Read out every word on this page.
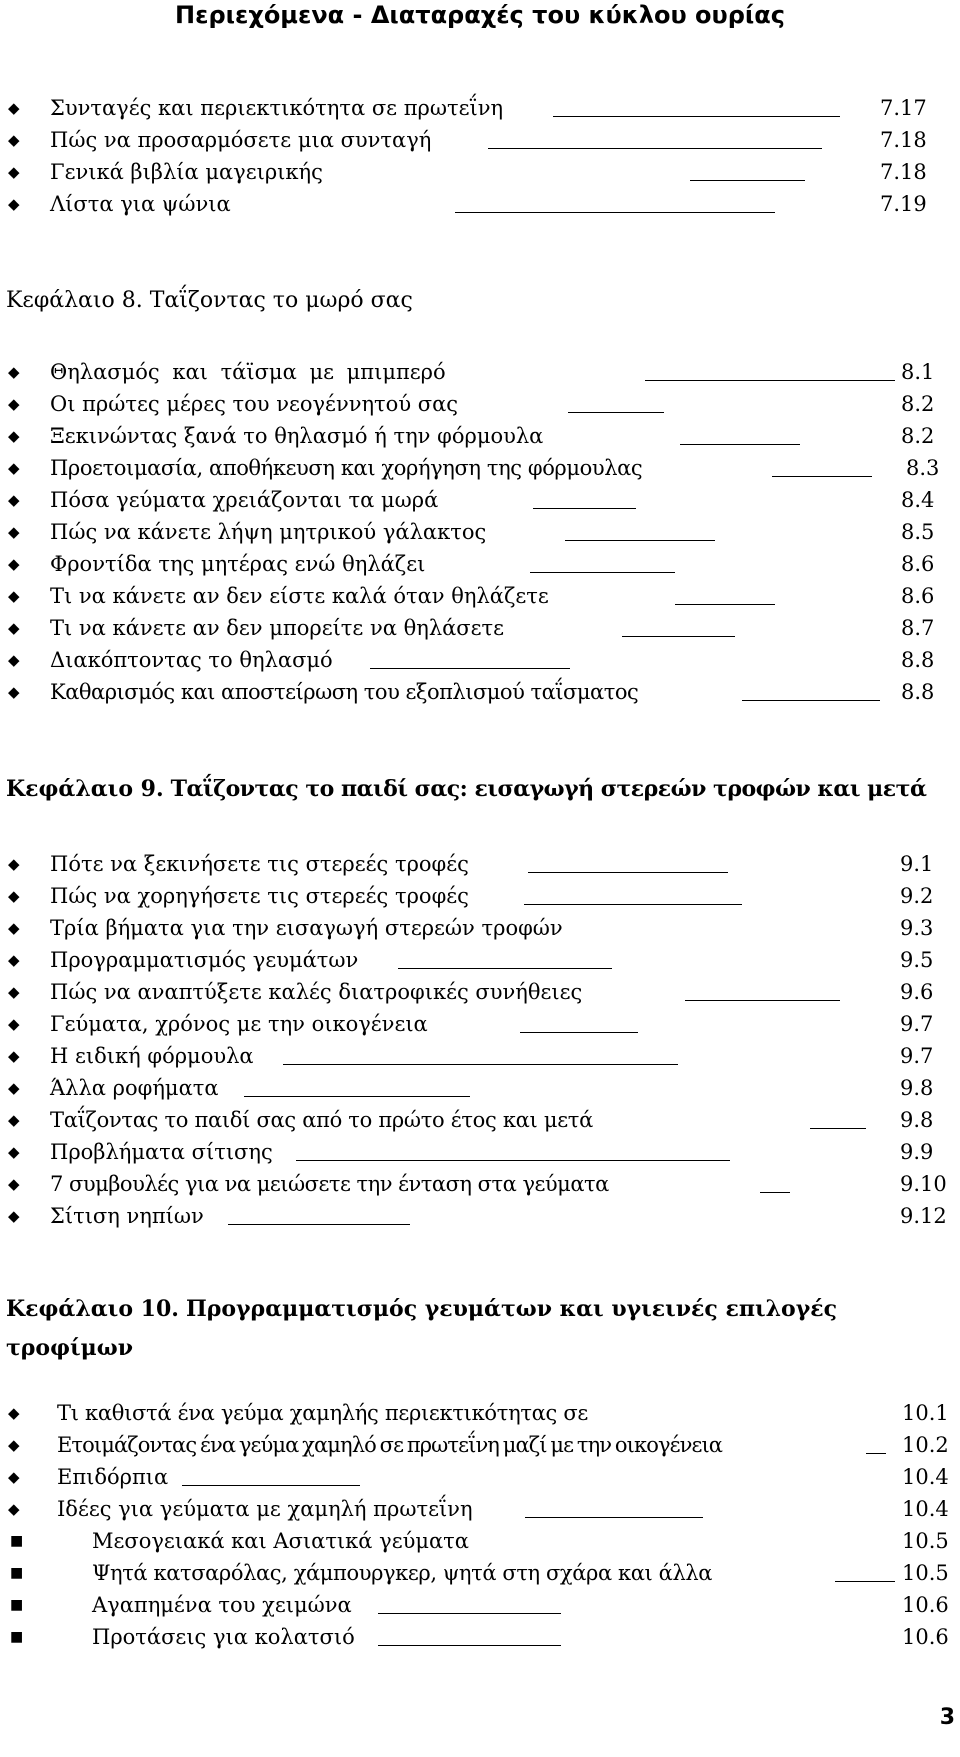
Περιεχόμενα - Διαταραχές του κύκλου ουρίας
◆ Συνταγές και περιεκτικότητα σε πρωτεΐνη	7.17
◆ Πώς να προσαρμόσετε μια συνταγή	7.18
◆ Γενικά βιβλία μαγειρικής	7.18
◆ Λίστα για ψώνια	7.19
Κεφάλαιο 8. Ταΐζοντας το μωρό σας
◆ Θηλασμός και τάϊσμα με μπιμπερό	8.1
◆ Οι πρώτες μέρες του νεογέννητού σας	8.2
◆ Ξεκινώντας ξανά το θηλασμό ή την φόρμουλα	8.2
◆ Προετοιμασία, αποθήκευση και χορήγηση της φόρμουλας	8.3
◆ Πόσα γεύματα χρειάζονται τα μωρά	8.4
◆ Πώς να κάνετε λήψη μητρικού γάλακτος	8.5
◆ Φροντίδα της μητέρας ενώ θηλάζει	8.6
◆ Τι να κάνετε αν δεν είστε καλά όταν θηλάζετε	8.6
◆ Τι να κάνετε αν δεν μπορείτε να θηλάσετε	8.7
◆ Διακόπτοντας το θηλασμό	8.8
◆ Καθαρισμός και αποστείρωση του εξοπλισμού ταΐσματος	8.8
Κεφάλαιο 9. Ταΐζοντας το παιδί σας: εισαγωγή στερεών τροφών και μετά
◆ Πότε να ξεκινήσετε τις στερεές τροφές	9.1
◆ Πώς να χορηγήσετε τις στερεές τροφές	9.2
◆ Τρία βήματα για την εισαγωγή στερεών τροφών	9.3
◆ Προγραμματισμός γευμάτων	9.5
◆ Πώς να αναπτύξετε καλές διατροφικές συνήθειες	9.6
◆ Γεύματα, χρόνος με την οικογένεια	9.7
◆ Η ειδική φόρμουλα	9.7
◆ Άλλα ροφήματα	9.8
◆ Ταΐζοντας το παιδί σας από το πρώτο έτος και μετά	9.8
◆ Προβλήματα σίτισης	9.9
◆ 7 συμβουλές για να μειώσετε την ένταση στα γεύματα	9.10
◆ Σίτιση νηπίων	9.12
Κεφάλαιο 10. Προγραμματισμός γευμάτων και υγιεινές επιλογές
τροφίμων
◆ Τι καθιστά ένα γεύμα χαμηλής περιεκτικότητας σε	10.1
◆ Ετοιμάζοντας ένα γεύμα χαμηλό σε πρωτεΐνη μαζί με την οικογένεια	10.2
◆ Επιδόρπια	10.4
◆ Ιδέες για γεύματα με χαμηλή πρωτεΐνη	10.4
■	Μεσογειακά και Ασιατικά γεύματα	10.5
■	Ψητά κατσαρόλας, χάμπουργκερ, ψητά στη σχάρα και άλλα	10.5
■	Αγαπημένα του χειμώνα	10.6
■	Προτάσεις για κολατσιό	10.6
3
